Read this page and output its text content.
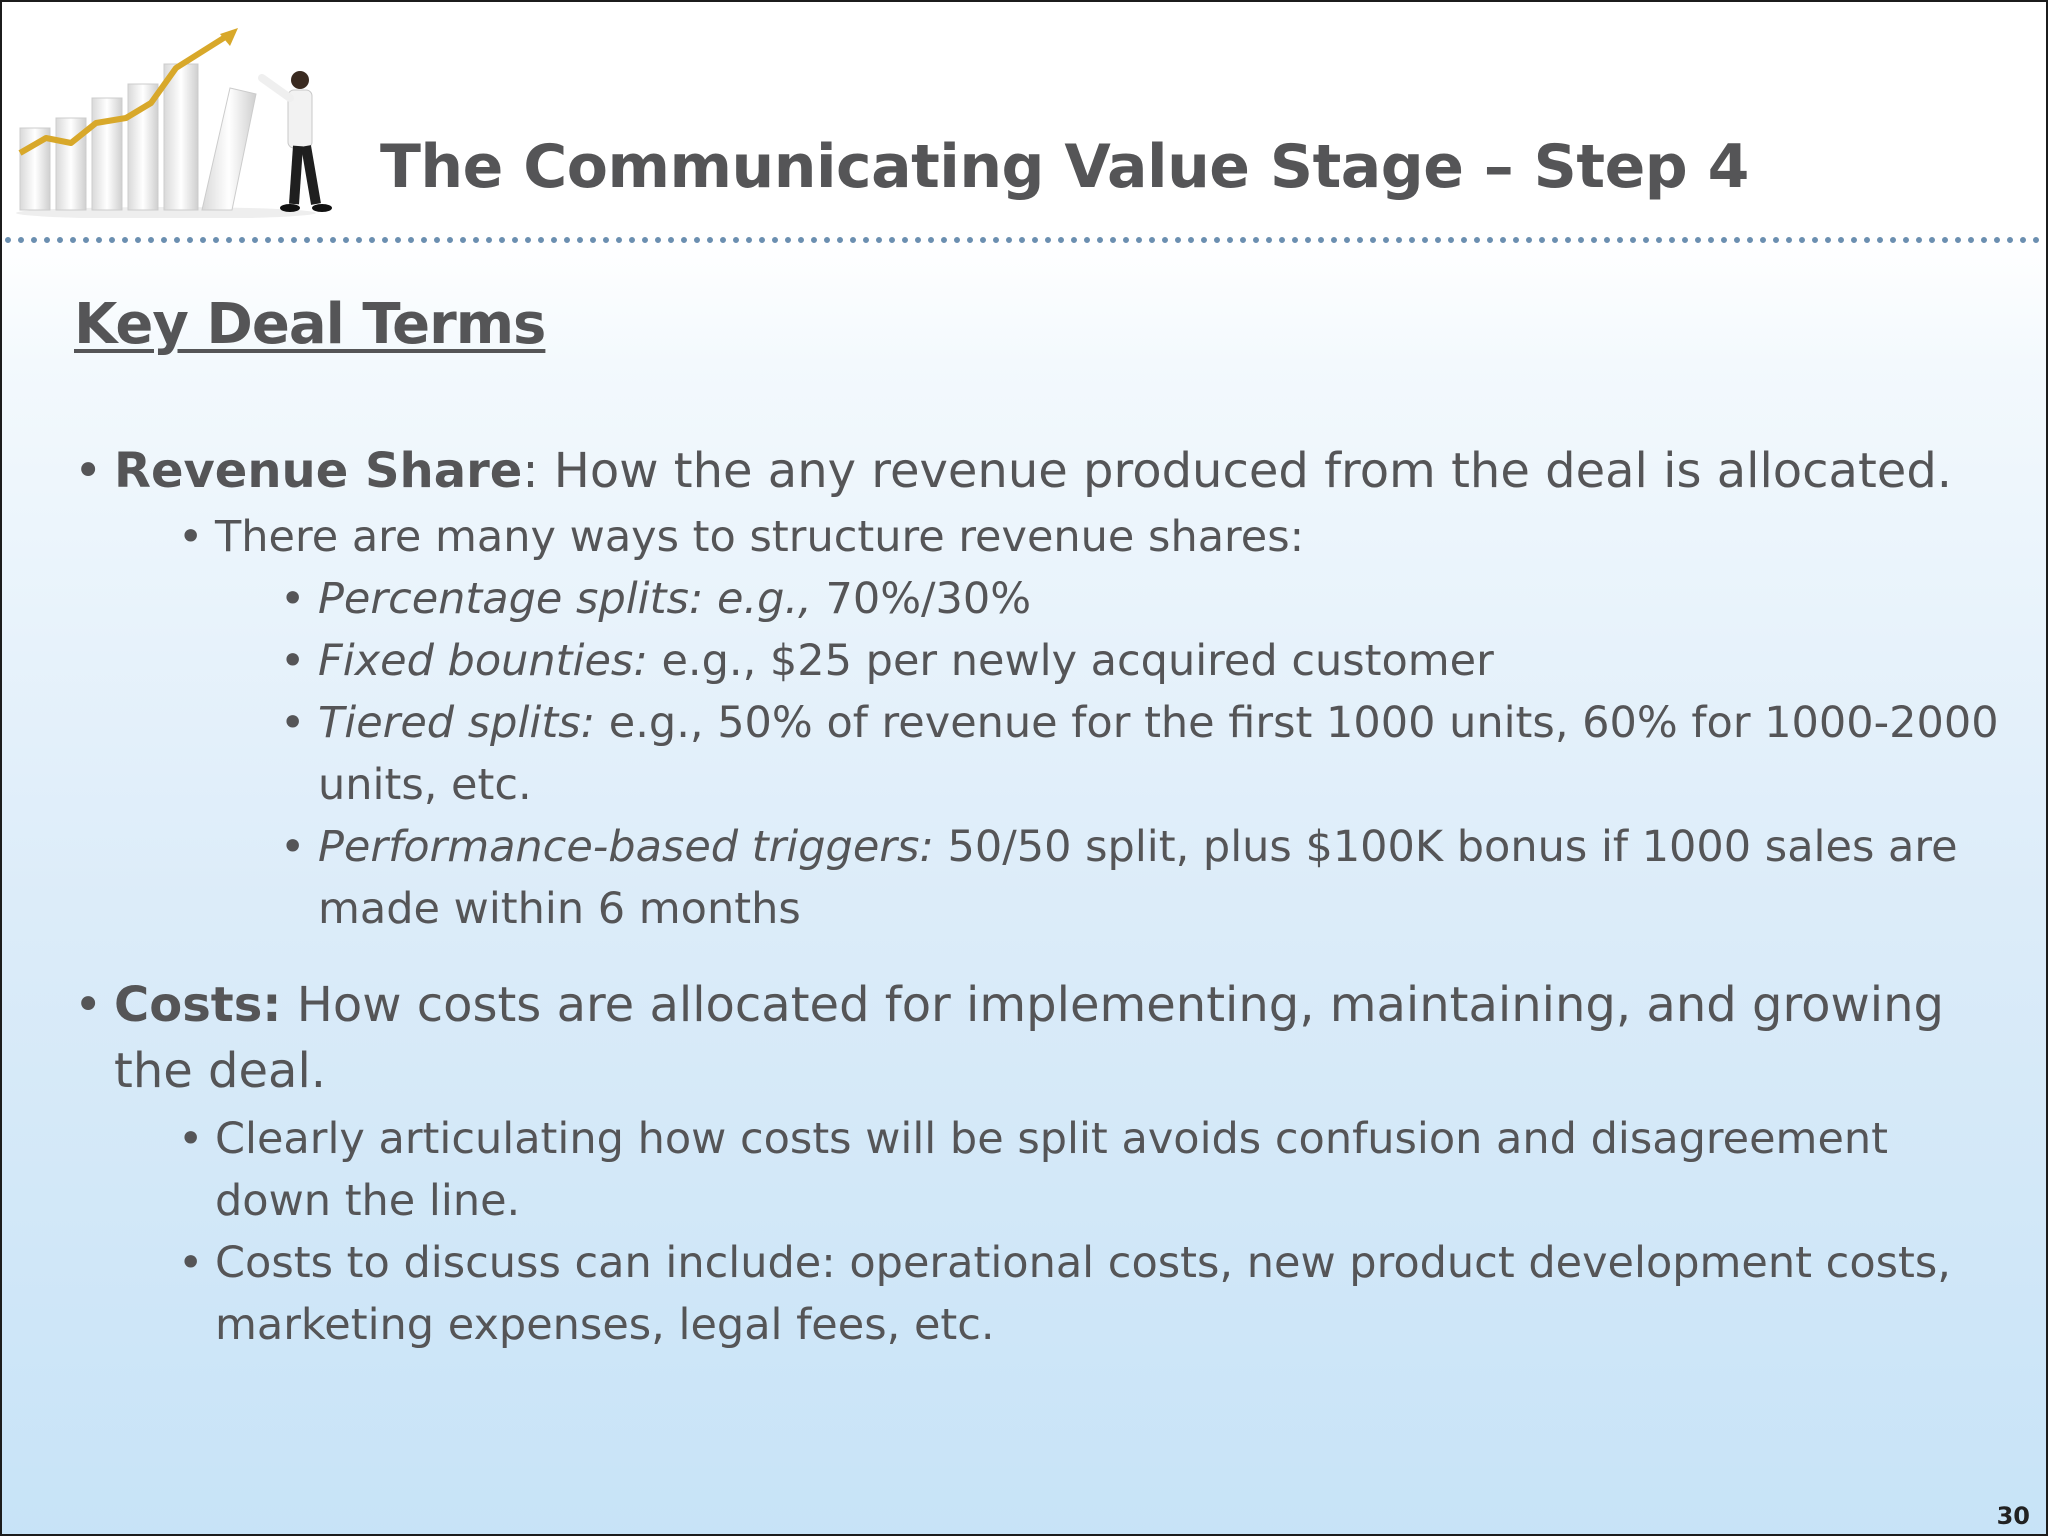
The Communicating Value Stage – Step 4
Key Deal Terms
• Revenue Share: How the any revenue produced from the deal is allocated.
• There are many ways to structure revenue shares:
• Percentage splits: e.g., 70%/30%
• Fixed bounties: e.g., $25 per newly acquired customer
• Tiered splits: e.g., 50% of revenue for the first 1000 units, 60% for 1000-2000 units, etc.
• Performance-based triggers: 50/50 split, plus $100K bonus if 1000 sales are made within 6 months
• Costs: How costs are allocated for implementing, maintaining, and growing the deal.
• Clearly articulating how costs will be split avoids confusion and disagreement down the line.
• Costs to discuss can include: operational costs, new product development costs, marketing expenses, legal fees, etc.
30
